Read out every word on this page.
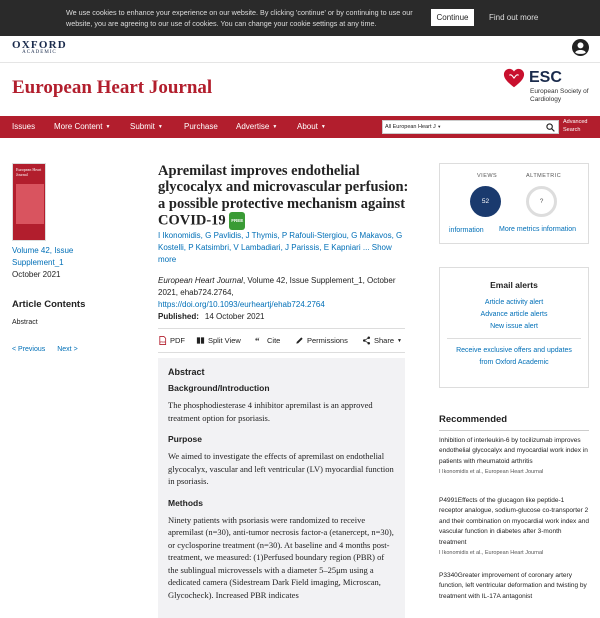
We use cookies to enhance your experience on our website. By clicking 'continue' or by continuing to use our website, you are agreeing to our use of cookies. You can change your cookie settings at any time.
Continue	Find out more
OXFORD
ACADEMIC
European Heart Journal	ESC
European Society of Cardiology
Issues More Content ▼ Submit ▼	Purchase Advertise ▼ About ▼	All European Heart J ▼
Advanced Search
European Heart Journal
Volume 42, Issue Supplement_1
October 2021
Article Contents
Abstract
< Previous Next >
Apremilast improves endothelial glycocalyx and microvascular perfusion: a possible protective mechanism against COVID-19 FREE
I Ikonomidis, G Pavlidis, J Thymis, P Rafouli-Stergiou, G Makavos, G Kostelli, P Katsimbri, V Lambadiari, J Parissis, E Kapniari ... Show more
European Heart Journal, Volume 42, Issue Supplement_1, October 2021, ehab724.2764,
https://doi.org/10.1093/eurheartj/ehab724.2764
Published: 14 October 2021
PDF PDF	Split View “ Cite	Permissions	Share ▼
Abstract
Background/Introduction

The phosphodiesterase 4 inhibitor apremilast is an approved treatment option for psoriasis.

Purpose

We aimed to investigate the effects of apremilast on endothelial glycocalyx, vascular and left ventricular (LV) myocardial function in psoriasis.

Methods

Ninety patients with psoriasis were randomized to receive apremilast (n=30), anti-tumor necrosis factor-a (etanercept, n=30), or cyclosporine treatment (n=30). At baseline and 4 months post-treatment, we measured: (1)Perfused boundary region (PBR) of the sublingual microvessels with a diameter 5–25μm using a dedicated camera (Sidestream Dark Field imaging, Microscan, Glycocheck). Increased PBR indicates

VIEWS	ALTMETRIC
52	?
information More metrics information
Email alerts
Article activity alert
Advance article alerts
New issue alert
Receive exclusive offers and updates from Oxford Academic
Recommended
Inhibition of interleukin-6 by tocilizumab improves endothelial glycocalyx and myocardial work index in patients with rheumatoid arthritis
I Ikonomidis et al., European Heart Journal
P4991Effects of the glucagon like peptide-1 receptor analogue, sodium-glucose co-transporter 2 and their combination on myocardial work index and vascular function in diabetes after 3-month treatment
I Ikonomidis et al., European Heart Journal
P3340Greater improvement of coronary artery function, left ventricular deformation and twisting by treatment with IL-17A antagonist
